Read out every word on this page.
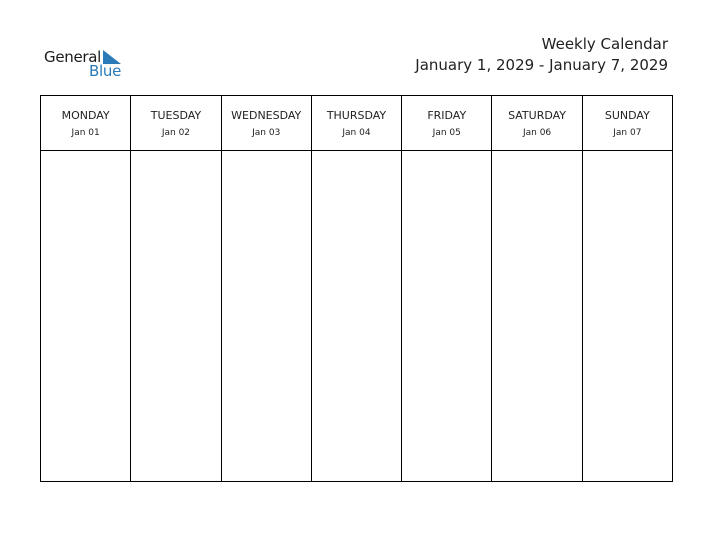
General
Blue
Weekly Calendar
January 1, 2029 - January 7, 2029
MONDAY
Jan 01
TUESDAY
Jan 02
WEDNESDAY
Jan 03
THURSDAY
Jan 04
FRIDAY
Jan 05
SATURDAY
Jan 06
SUNDAY
Jan 07
